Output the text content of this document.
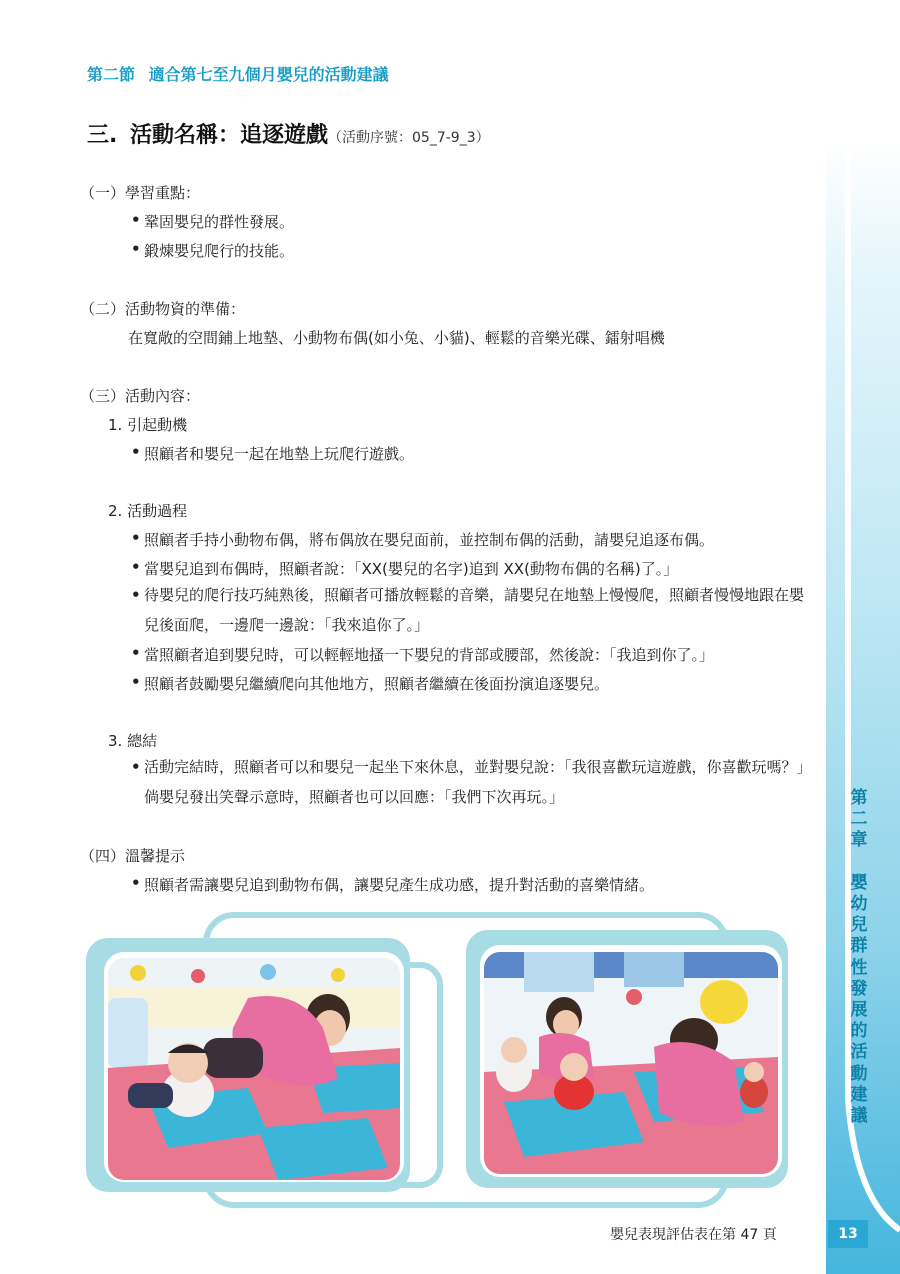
第
二
章

嬰
幼
兒
群
性
發
展
的
活
動
建
議
13
第二節 適合第七至九個月嬰兒的活動建議
三. 活動名稱：追逐遊戲（活動序號：05_7-9_3）
（一）學習重點：
• 鞏固嬰兒的群性發展。
• 鍛煉嬰兒爬行的技能。
（二）活動物資的準備：
在寬敞的空間鋪上地墊、小動物布偶(如小兔、小貓)、輕鬆的音樂光碟、鐳射唱機
（三）活動內容：
1. 引起動機
• 照顧者和嬰兒一起在地墊上玩爬行遊戲。
2. 活動過程
• 照顧者手持小動物布偶，將布偶放在嬰兒面前，並控制布偶的活動，請嬰兒追逐布偶。
• 當嬰兒追到布偶時，照顧者說：「XX(嬰兒的名字)追到 XX(動物布偶的名稱)了。」
• 待嬰兒的爬行技巧純熟後，照顧者可播放輕鬆的音樂，請嬰兒在地墊上慢慢爬，照顧者慢慢地跟在嬰兒後面爬，一邊爬一邊說：「我來追你了。」
• 當照顧者追到嬰兒時，可以輕輕地搔一下嬰兒的背部或腰部，然後說：「我追到你了。」
• 照顧者鼓勵嬰兒繼續爬向其他地方，照顧者繼續在後面扮演追逐嬰兒。
3. 總結
• 活動完結時，照顧者可以和嬰兒一起坐下來休息，並對嬰兒說：「我很喜歡玩這遊戲，你喜歡玩嗎？」倘嬰兒發出笑聲示意時，照顧者也可以回應：「我們下次再玩。」
（四）溫馨提示
• 照顧者需讓嬰兒追到動物布偶，讓嬰兒產生成功感，提升對活動的喜樂情緒。
嬰兒表現評估表在第 47 頁
